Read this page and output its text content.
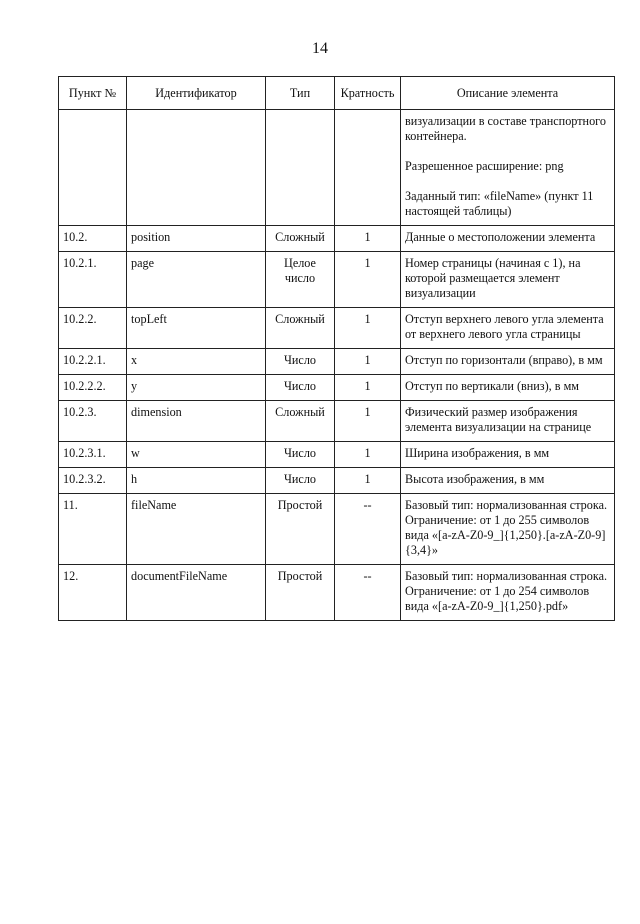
14
Пункт №	Идентификатор	Тип	Кратность	Описание элемента

				визуализации в составе транспортного контейнера.

Разрешенное расширение: png

Заданный тип: «fileName» (пункт 11 настоящей таблицы)

10.2.	position	Сложный	1	Данные о местоположении элемента

10.2.1.	page	Целое число	1	Номер страницы (начиная с 1), на которой размещается элемент визуализации

10.2.2.	topLeft	Сложный	1	Отступ верхнего левого угла элемента от верхнего левого угла страницы

10.2.2.1.	x	Число	1	Отступ по горизонтали (вправо), в мм

10.2.2.2.	y	Число	1	Отступ по вертикали (вниз), в мм

10.2.3.	dimension	Сложный	1	Физический размер изображения элемента визуализации на странице

10.2.3.1.	w	Число	1	Ширина изображения, в мм

10.2.3.2.	h	Число	1	Высота изображения, в мм

11.	fileName	Простой	--	Базовый тип: нормализованная строка.

Ограничение: от 1 до 255 символов вида «[a-zA-Z0-9_]{1,250}.[a-zA-Z0-9]{3,4}»

12.	documentFileName	Простой	--	Базовый тип: нормализованная строка.

Ограничение: от 1 до 254 символов вида «[a-zA-Z0-9_]{1,250}.pdf»
